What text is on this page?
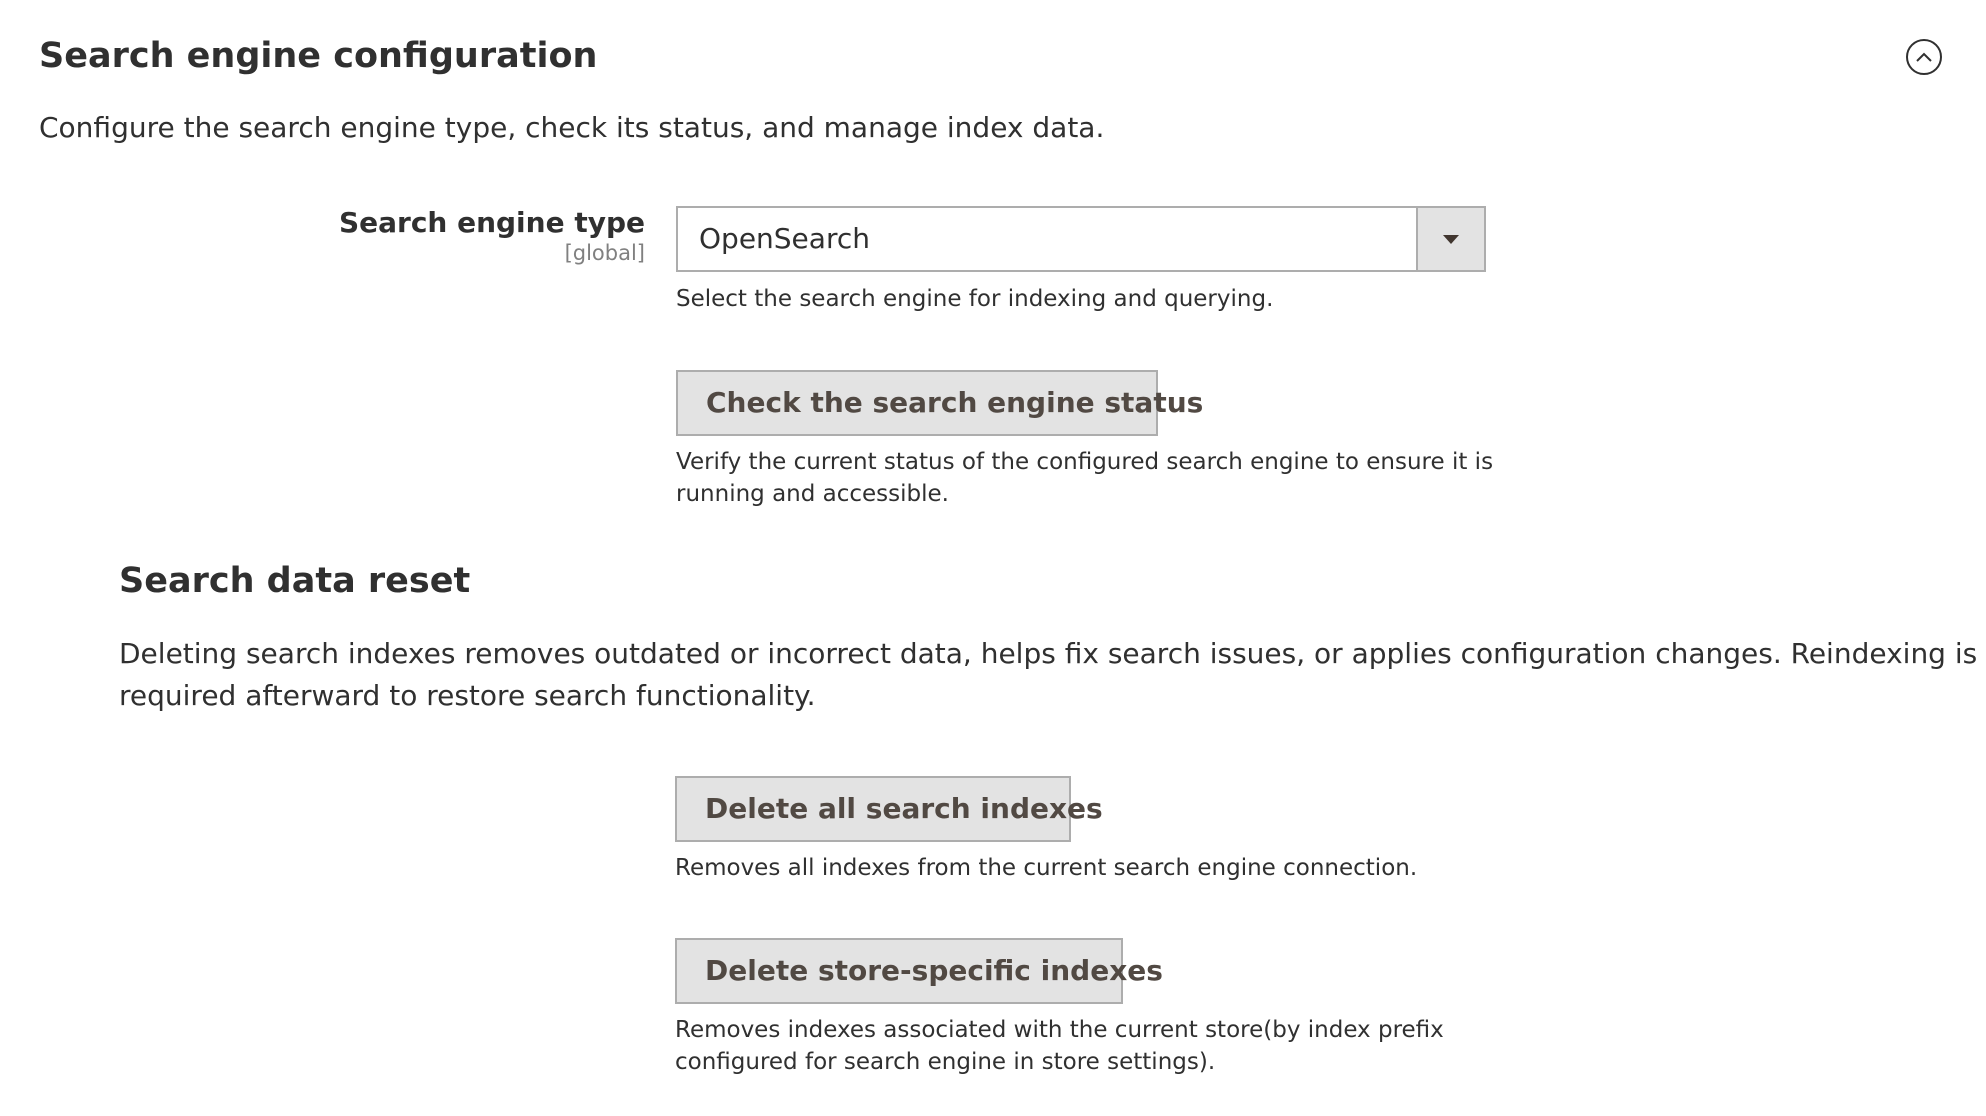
Search engine configuration

Configure the search engine type, check its status, and manage index data.

Search engine type
[global] OpenSearch

Select the search engine for indexing and querying.

Check the search engine status

Verify the current status of the configured search engine to ensure it is running and accessible.

Search data reset

Deleting search indexes removes outdated or incorrect data, helps fix search issues, or applies configuration changes. Reindexing is required afterward to restore search functionality.

Delete all search indexes

Removes all indexes from the current search engine connection.

Delete store-specific indexes

Removes indexes associated with the current store(by index prefix configured for search engine in store settings).
